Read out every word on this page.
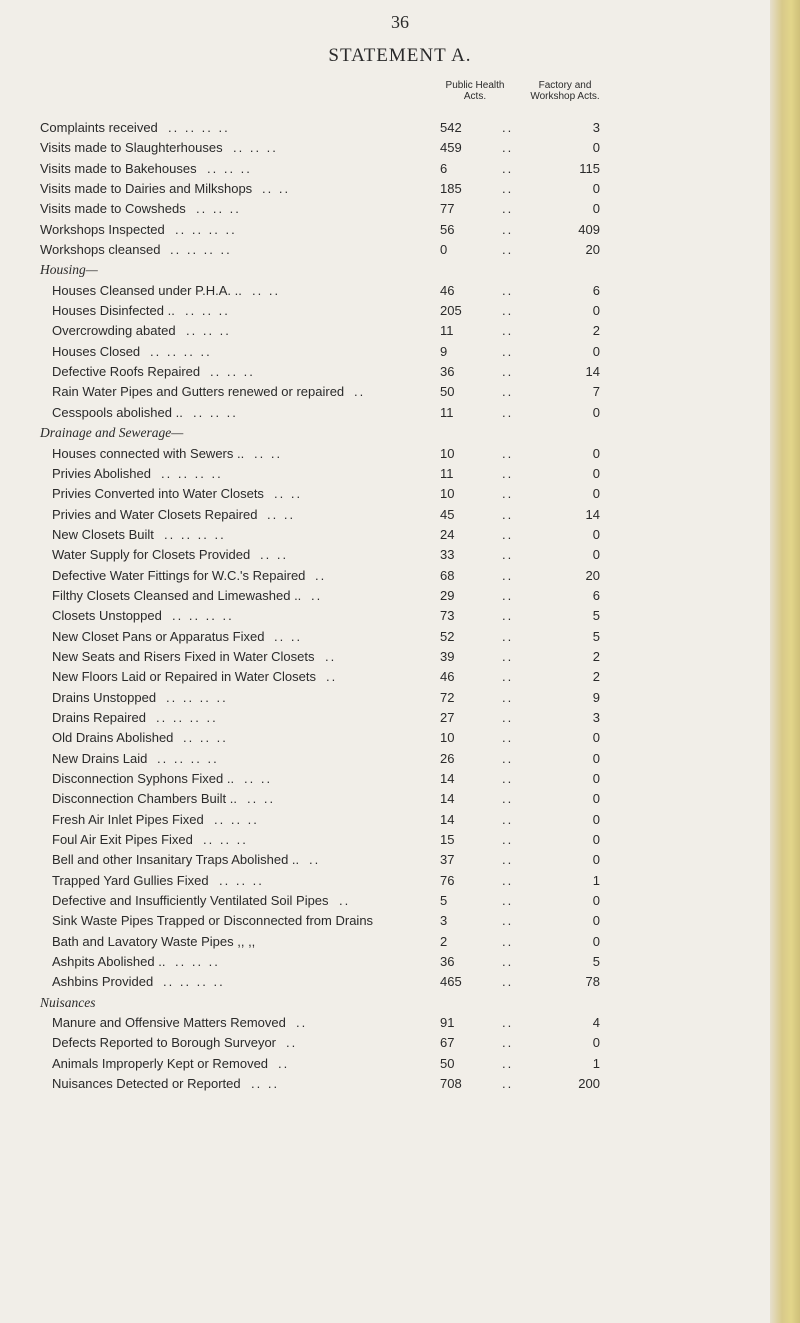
36
STATEMENT A.
Public Health Acts.
Factory and Workshop Acts.
Complaints received .. .. .. ..	542	..	3
Visits made to Slaughterhouses .. .. ..	459	..	0
Visits made to Bakehouses .. .. ..	6	..	115
Visits made to Dairies and Milkshops .. ..	185	..	0
Visits made to Cowsheds .. .. ..	77	..	0
Workshops Inspected .. .. .. ..	56	..	409
Workshops cleansed .. .. .. ..	0	..	20
Housing—
Houses Cleansed under P.H.A. .. .. ..	46	..	6
Houses Disinfected .. .. .. ..	205	..	0
Overcrowding abated .. .. ..	11	..	2
Houses Closed .. .. .. ..	9	..	0
Defective Roofs Repaired .. .. ..	36	..	14
Rain Water Pipes and Gutters renewed or repaired ..	50	..	7
Cesspools abolished .. .. .. ..	11	..	0
Drainage and Sewerage—
Houses connected with Sewers .. .. ..	10	..	0
Privies Abolished .. .. .. ..	11	..	0
Privies Converted into Water Closets .. ..	10	..	0
Privies and Water Closets Repaired .. ..	45	..	14
New Closets Built .. .. .. ..	24	..	0
Water Supply for Closets Provided .. ..	33	..	0
Defective Water Fittings for W.C.'s Repaired ..	68	..	20
Filthy Closets Cleansed and Limewashed .. ..	29	..	6
Closets Unstopped .. .. .. ..	73	..	5
New Closet Pans or Apparatus Fixed .. ..	52	..	5
New Seats and Risers Fixed in Water Closets ..	39	..	2
New Floors Laid or Repaired in Water Closets ..	46	..	2
Drains Unstopped .. .. .. ..	72	..	9
Drains Repaired .. .. .. ..	27	..	3
Old Drains Abolished .. .. ..	10	..	0
New Drains Laid .. .. .. ..	26	..	0
Disconnection Syphons Fixed .. .. ..	14	..	0
Disconnection Chambers Built .. .. ..	14	..	0
Fresh Air Inlet Pipes Fixed .. .. ..	14	..	0
Foul Air Exit Pipes Fixed .. .. ..	15	..	0
Bell and other Insanitary Traps Abolished .. ..	37	..	0
Trapped Yard Gullies Fixed .. .. ..	76	..	1
Defective and Insufficiently Ventilated Soil Pipes ..	5	..	0
Sink Waste Pipes Trapped or Disconnected from Drains	3	..	0
Bath and Lavatory Waste Pipes ,, ,,	2	..	0
Ashpits Abolished .. .. .. ..	36	..	5
Ashbins Provided .. .. .. ..	465	..	78
Nuisances
Manure and Offensive Matters Removed ..	91	..	4
Defects Reported to Borough Surveyor ..	67	..	0
Animals Improperly Kept or Removed ..	50	..	1
Nuisances Detected or Reported .. ..	708	..	200
